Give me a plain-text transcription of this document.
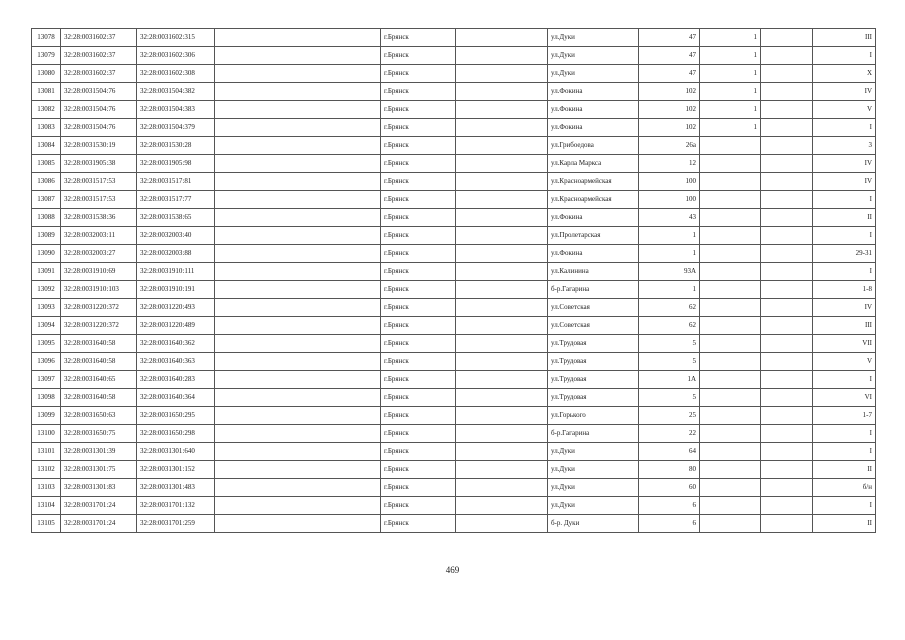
13078	32:28:0031602:37	32:28:0031602:315		г.Брянск		ул.Дуки	47	1		III
13079	32:28:0031602:37	32:28:0031602:306		г.Брянск		ул.Дуки	47	1		I
13080	32:28:0031602:37	32:28:0031602:308		г.Брянск		ул.Дуки	47	1		X
13081	32:28:0031504:76	32:28:0031504:382		г.Брянск		ул.Фокина	102	1		IV
13082	32:28:0031504:76	32:28:0031504:383		г.Брянск		ул.Фокина	102	1		V
13083	32:28:0031504:76	32:28:0031504:379		г.Брянск		ул.Фокина	102	1		I
13084	32:28:0031530:19	32:28:0031530:28		г.Брянск		ул.Грибоедова	26а			3
13085	32:28:0031905:38	32:28:0031905:98		г.Брянск		ул.Карла Маркса	12			IV
13086	32:28:0031517:53	32:28:0031517:81		г.Брянск		ул.Красноармейская	100			IV
13087	32:28:0031517:53	32:28:0031517:77		г.Брянск		ул.Красноармейская	100			I
13088	32:28:0031538:36	32:28:0031538:65		г.Брянск		ул.Фокина	43			II
13089	32:28:0032003:11	32:28:0032003:40		г.Брянск		ул.Пролетарская	1			I
13090	32:28:0032003:27	32:28:0032003:88		г.Брянск		ул.Фокина	1			29-31
13091	32:28:0031910:69	32:28:0031910:111		г.Брянск		ул.Калинина	93А			I
13092	32:28:0031910:103	32:28:0031910:191		г.Брянск		б-р.Гагарина	1			1-8
13093	32:28:0031220:372	32:28:0031220:493		г.Брянск		ул.Советская	62			IV
13094	32:28:0031220:372	32:28:0031220:489		г.Брянск		ул.Советская	62			III
13095	32:28:0031640:58	32:28:0031640:362		г.Брянск		ул.Трудовая	5			VII
13096	32:28:0031640:58	32:28:0031640:363		г.Брянск		ул.Трудовая	5			V
13097	32:28:0031640:65	32:28:0031640:283		г.Брянск		ул.Трудовая	1А			I
13098	32:28:0031640:58	32:28:0031640:364		г.Брянск		ул.Трудовая	5			VI
13099	32:28:0031650:63	32:28:0031650:295		г.Брянск		ул.Горького	25			1-7
13100	32:28:0031650:75	32:28:0031650:298		г.Брянск		б-р.Гагарина	22			I
13101	32:28:0031301:39	32:28:0031301:640		г.Брянск		ул.Дуки	64			I
13102	32:28:0031301:75	32:28:0031301:152		г.Брянск		ул.Дуки	80			II
13103	32:28:0031301:83	32:28:0031301:483		г.Брянск		ул.Дуки	60			б/н
13104	32:28:0031701:24	32:28:0031701:132		г.Брянск		ул.Дуки	6			I
13105	32:28:0031701:24	32:28:0031701:259		г.Брянск		б-р. Дуки	6			II
469
